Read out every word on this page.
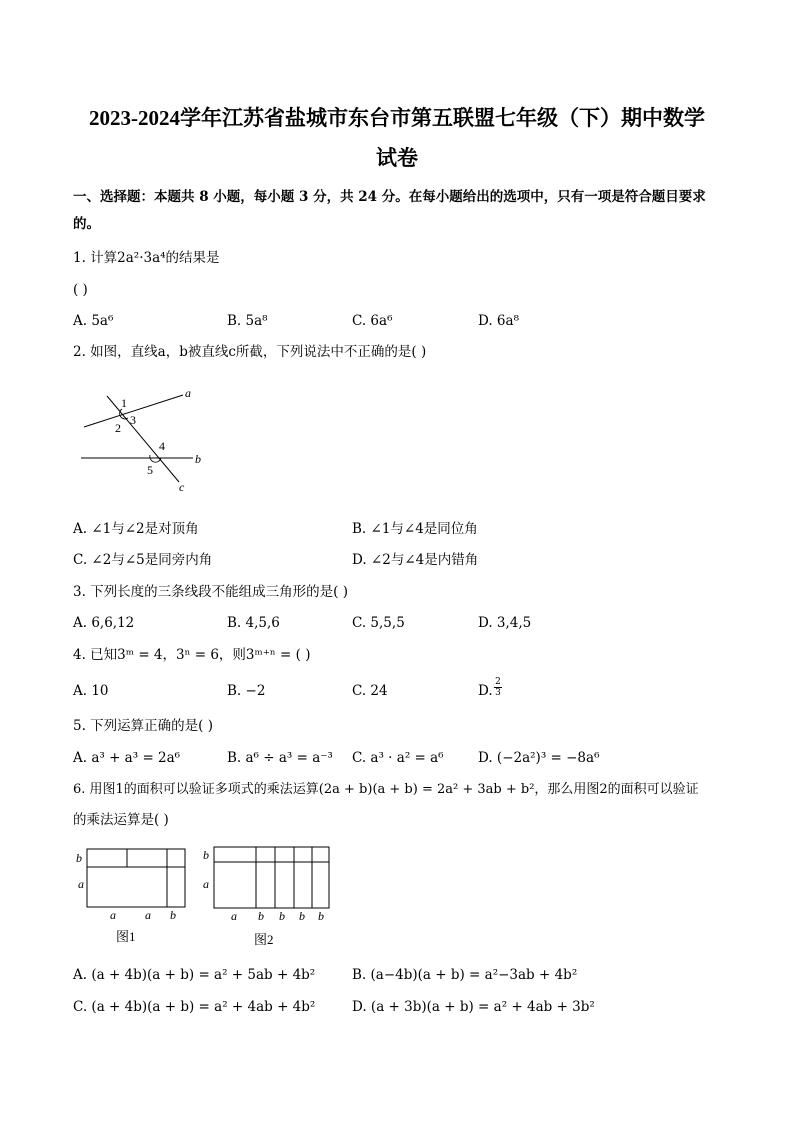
2023-2024学年江苏省盐城市东台市第五联盟七年级（下）期中数学
试卷
一、选择题：本题共 8 小题，每小题 3 分，共 24 分。在每小题给出的选项中，只有一项是符合题目要求
的。
1. 计算2a²·3a⁴的结果是
( )
A. 5a⁶	B. 5a⁸	C. 6a⁶	D. 6a⁸
2. 如图，直线a，b被直线c所截，下列说法中不正确的是( )
a
b
c
1
2
3
4
5
A. ∠1与∠2是对顶角	B. ∠1与∠4是同位角
C. ∠2与∠5是同旁内角	D. ∠2与∠4是内错角
3. 下列长度的三条线段不能组成三角形的是( )
A. 6,6,12	B. 4,5,6	C. 5,5,5	D. 3,4,5
4. 已知3ᵐ = 4，3ⁿ = 6，则3ᵐ⁺ⁿ = ( )
A. 10	B. −2	C. 24	D. $\frac{2}{3}$
5. 下列运算正确的是( )
A. a³ + a³ = 2a⁶	B. a⁶ ÷ a³ = a⁻³ C. a³ · a² = a⁶	D. (−2a²)³ = −8a⁶
6. 用图1的面积可以验证多项式的乘法运算(2a + b)(a + b) = 2a² + 3ab + b²，那么用图2的面积可以验证
的乘法运算是( )
b
a
a a b
图1
b
a
a b b b b
图2
A. (a + 4b)(a + b) = a² + 5ab + 4b²	B. (a−4b)(a + b) = a²−3ab + 4b²
C. (a + 4b)(a + b) = a² + 4ab + 4b²	D. (a + 3b)(a + b) = a² + 4ab + 3b²
